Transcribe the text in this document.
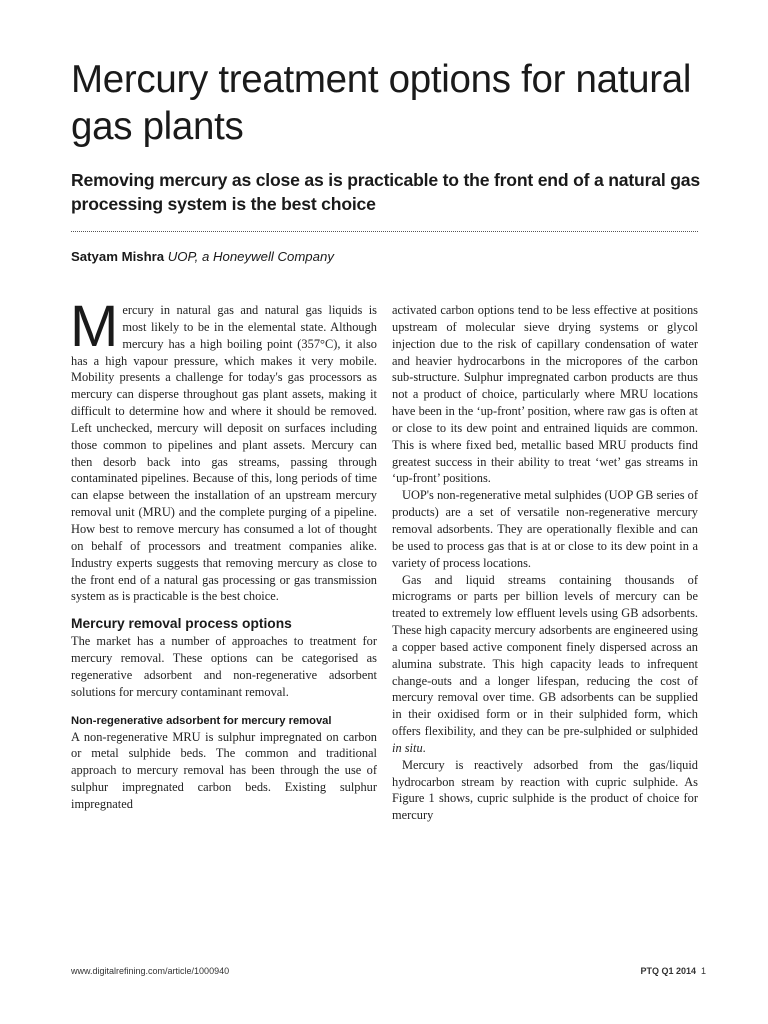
Mercury treatment options for natural gas plants
Removing mercury as close as is practicable to the front end of a natural gas processing system is the best choice
Satyam Mishra UOP, a Honeywell Company

Mercury in natural gas and natural gas liquids is most likely to be in the elemental state. Although mercury has a high boiling point (357°C), it also has a high vapour pressure, which makes it very mobile. Mobility presents a challenge for today's gas processors as mercury can disperse throughout gas plant assets, making it difficult to determine how and where it should be removed. Left unchecked, mercury will deposit on surfaces including those common to pipelines and plant assets. Mercury can then desorb back into gas streams, passing through contaminated pipelines. Because of this, long periods of time can elapse between the installation of an upstream mercury removal unit (MRU) and the complete purging of a pipeline. How best to remove mercury has consumed a lot of thought on behalf of processors and treatment companies alike. Industry experts suggests that removing mercury as close to the front end of a natural gas processing or gas transmission system as is practicable is the best choice.

Mercury removal process options

The market has a number of approaches to treatment for mercury removal. These options can be categorised as regenerative adsorbent and non-regenerative adsorbent solutions for mercury contaminant removal.

Non-regenerative adsorbent for mercury removal

A non-regenerative MRU is sulphur impregnated on carbon or metal sulphide beds. The common and traditional approach to mercury removal has been through the use of sulphur impregnated carbon beds. Existing sulphur impregnated

activated carbon options tend to be less effective at positions upstream of molecular sieve drying systems or glycol injection due to the risk of capillary condensation of water and heavier hydrocarbons in the micropores of the carbon sub-structure. Sulphur impregnated carbon products are thus not a product of choice, particularly where MRU locations have been in the ‘up-front’ position, where raw gas is often at or close to its dew point and entrained liquids are common. This is where fixed bed, metallic based MRU products find greatest success in their ability to treat ‘wet’ gas streams in ‘up-front’ positions.

UOP's non-regenerative metal sulphides (UOP GB series of products) are a set of versatile non-regenerative mercury removal adsorbents. They are operationally flexible and can be used to process gas that is at or close to its dew point in a variety of process locations.

Gas and liquid streams containing thousands of micrograms or parts per billion levels of mercury can be treated to extremely low effluent levels using GB adsorbents. These high capacity mercury adsorbents are engineered using a copper based active component finely dispersed across an alumina substrate. This high capacity leads to infrequent change-outs and a longer lifespan, reducing the cost of mercury removal over time. GB adsorbents can be supplied in their oxidised form or in their sulphided form, which offers flexibility, and they can be pre-sulphided or sulphided in situ.

Mercury is reactively adsorbed from the gas/liquid hydrocarbon stream by reaction with cupric sulphide. As Figure 1 shows, cupric sulphide is the product of choice for mercury

www.digitalrefining.com/article/1000940	PTQ Q1 2014 1
